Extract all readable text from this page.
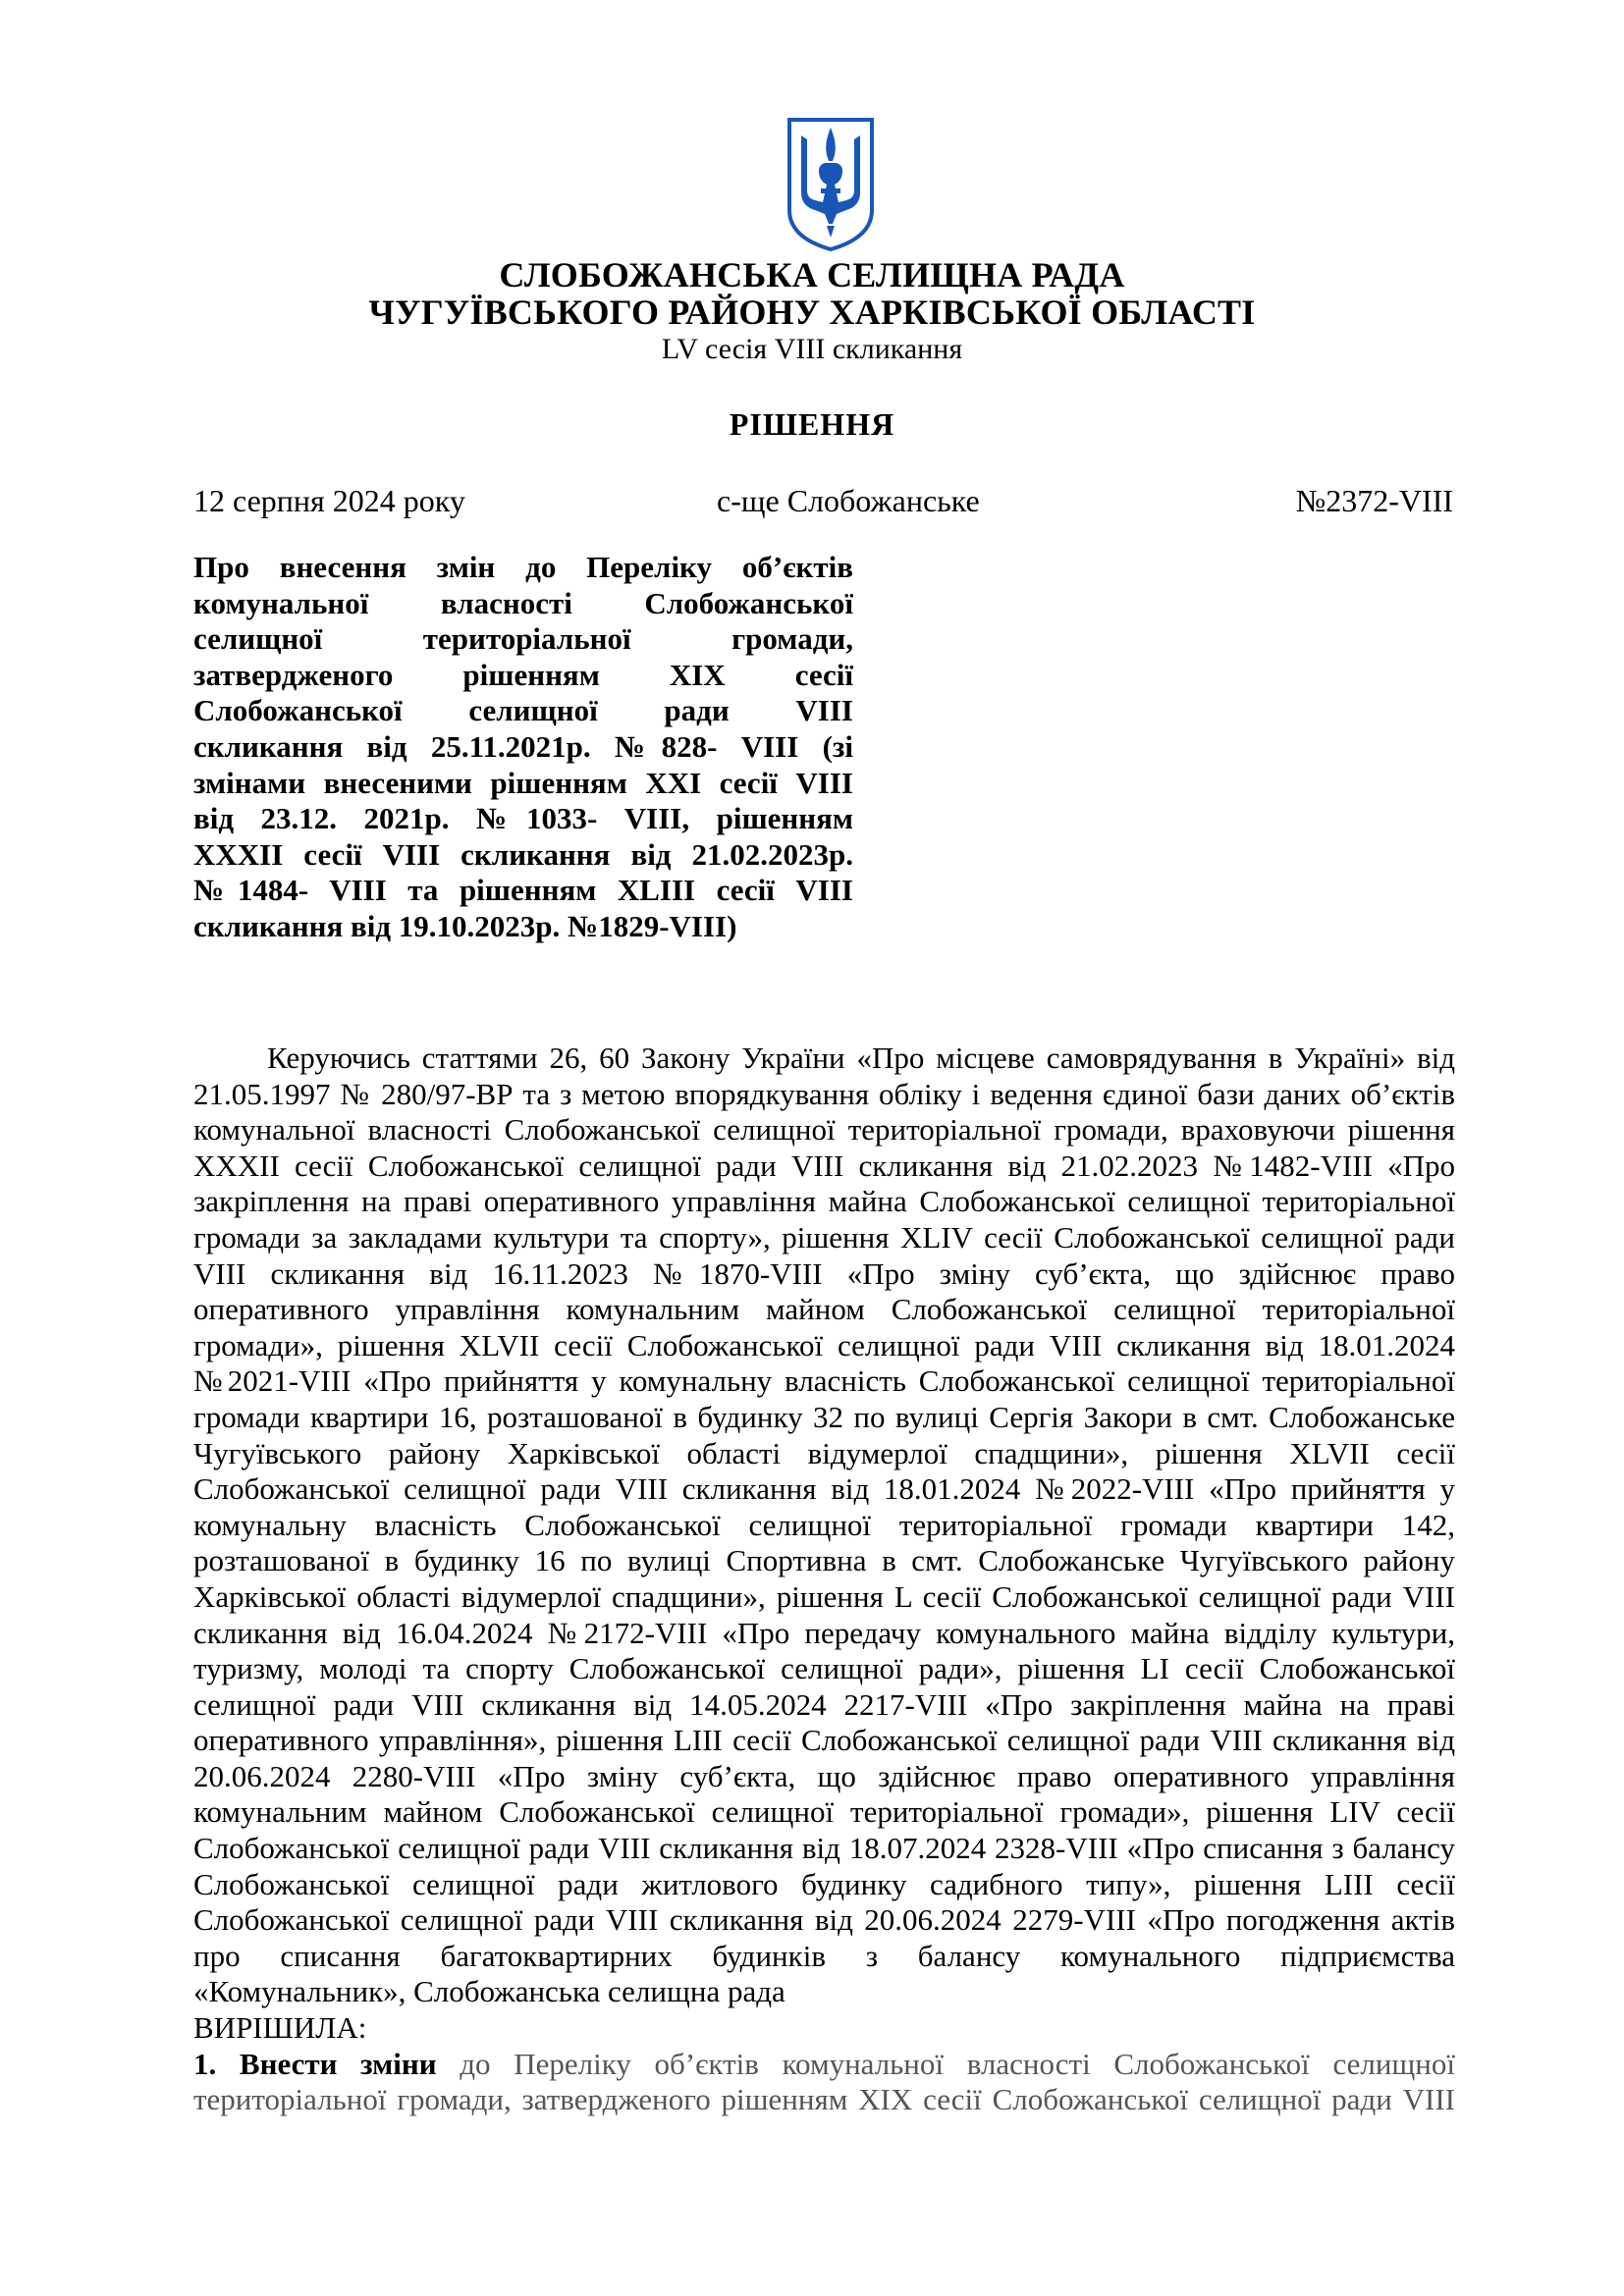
СЛОБОЖАНСЬКА СЕЛИЩНА РАДА
ЧУГУЇВСЬКОГО РАЙОНУ ХАРКІВСЬКОЇ ОБЛАСТІ
LV сесія VIII скликання
РІШЕННЯ
12 серпня 2024 року	с-ще Слобожанське	№2372-VIII
Про внесення змін до Переліку об’єктів
комунальної власності Слобожанської
селищної територіальної громади,
затвердженого рішенням XIX сесії
Слобожанської селищної ради VIII
скликання від 25.11.2021р. №828- VIII (зі
змінами внесеними рішенням XXI сесії VIII
від 23.12. 2021р. №1033- VIII, рішенням
XXXII сесії VIII скликання від 21.02.2023р.
№1484- VIII та рішенням XLIII сесії VIII
скликання від 19.10.2023р. №1829-VIII)
Керуючись статтями 26, 60 Закону України «Про місцеве самоврядування в Україні» від
21.05.1997 № 280/97-ВР та з метою впорядкування обліку і ведення єдиної бази даних об’єктів
комунальної власності Слобожанської селищної територіальної громади, враховуючи рішення
XXXII сесії Слобожанської селищної ради VIII скликання від 21.02.2023 №1482-VIII «Про
закріплення на праві оперативного управління майна Слобожанської селищної територіальної
громади за закладами культури та спорту», рішення XLIV сесії Слобожанської селищної ради
VIII скликання від 16.11.2023 №1870-VIII «Про зміну суб’єкта, що здійснює право
оперативного управління комунальним майном Слобожанської селищної територіальної
громади», рішення XLVII сесії Слобожанської селищної ради VIII скликання від 18.01.2024
№2021-VIII «Про прийняття у комунальну власність Слобожанської селищної територіальної
громади квартири 16, розташованої в будинку 32 по вулиці Сергія Закори в смт. Слобожанське
Чугуївського району Харківської області відумерлої спадщини», рішення XLVII сесії
Слобожанської селищної ради VIII скликання від 18.01.2024 №2022-VIII «Про прийняття у
комунальну власність Слобожанської селищної територіальної громади квартири 142,
розташованої в будинку 16 по вулиці Спортивна в смт. Слобожанське Чугуївського району
Харківської області відумерлої спадщини», рішення L сесії Слобожанської селищної ради VIII
скликання від 16.04.2024 №2172-VIII «Про передачу комунального майна відділу культури,
туризму, молоді та спорту Слобожанської селищної ради», рішення LI сесії Слобожанської
селищної ради VIII скликання від 14.05.2024 2217-VIII «Про закріплення майна на праві
оперативного управління», рішення LIII сесії Слобожанської селищної ради VIII скликання від
20.06.2024 2280-VIII «Про зміну суб’єкта, що здійснює право оперативного управління
комунальним майном Слобожанської селищної територіальної громади», рішення LIV сесії
Слобожанської селищної ради VIII скликання від 18.07.2024 2328-VIII «Про списання з балансу
Слобожанської селищної ради житлового будинку садибного типу», рішення LIII сесії
Слобожанської селищної ради VIII скликання від 20.06.2024 2279-VIII «Про погодження актів
про списання багатоквартирних будинків з балансу комунального підприємства
«Комунальник», Слобожанська селищна рада
ВИРІШИЛА:
1. Внести зміни до Переліку об’єктів комунальної власності Слобожанської селищної
територіальної громади, затвердженого рішенням XIX сесії Слобожанської селищної ради VIII
